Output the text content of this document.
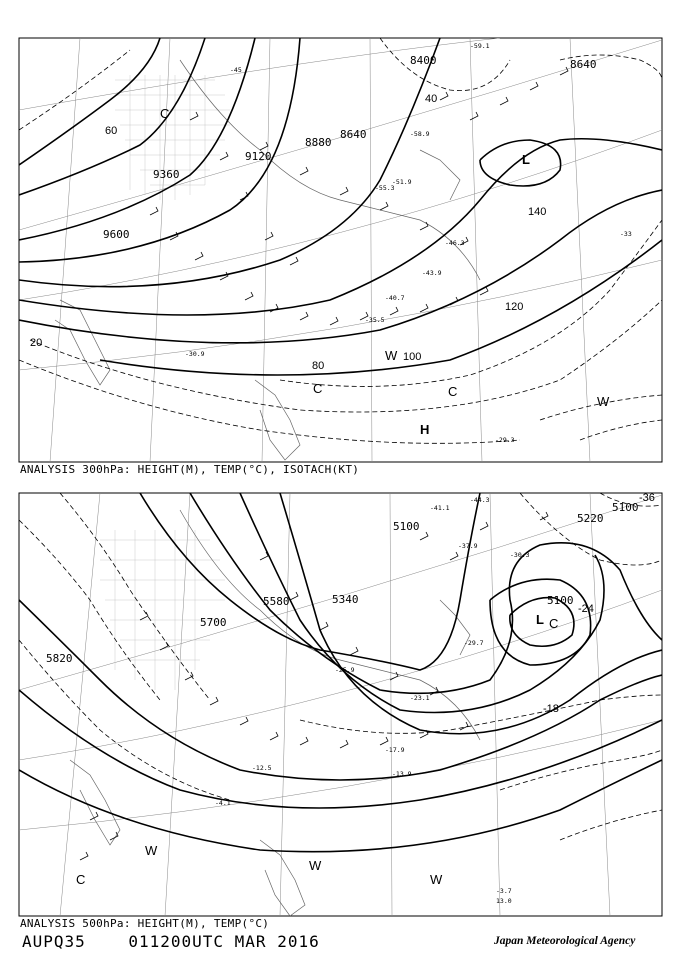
8400	8640
8640
8880
9120
9360
9600
20
40
60
80
100
120
140
L
C
C
H
W
W
C
-59.1
-58.9
-55.3
-51.9
-46.3
-43.9
-40.7
-35.5
-30.9
-29.3
-33
-45
5100
5100
5100
5220
5340
5580
5700
5820
-36
-24
-18
L C
C
W
W
W
-44.3
-41.1
-37.9
-30.3
-29.7
-25.9
-23.1
-17.9
-13.9
-12.5
-4.1
-3.7
13.0
ANALYSIS 300hPa: HEIGHT(M), TEMP(°C), ISOTACH(KT)
ANALYSIS 500hPa: HEIGHT(M), TEMP(°C)
AUPQ35	011200UTC MAR 2016	Japan Meteorological Agency
